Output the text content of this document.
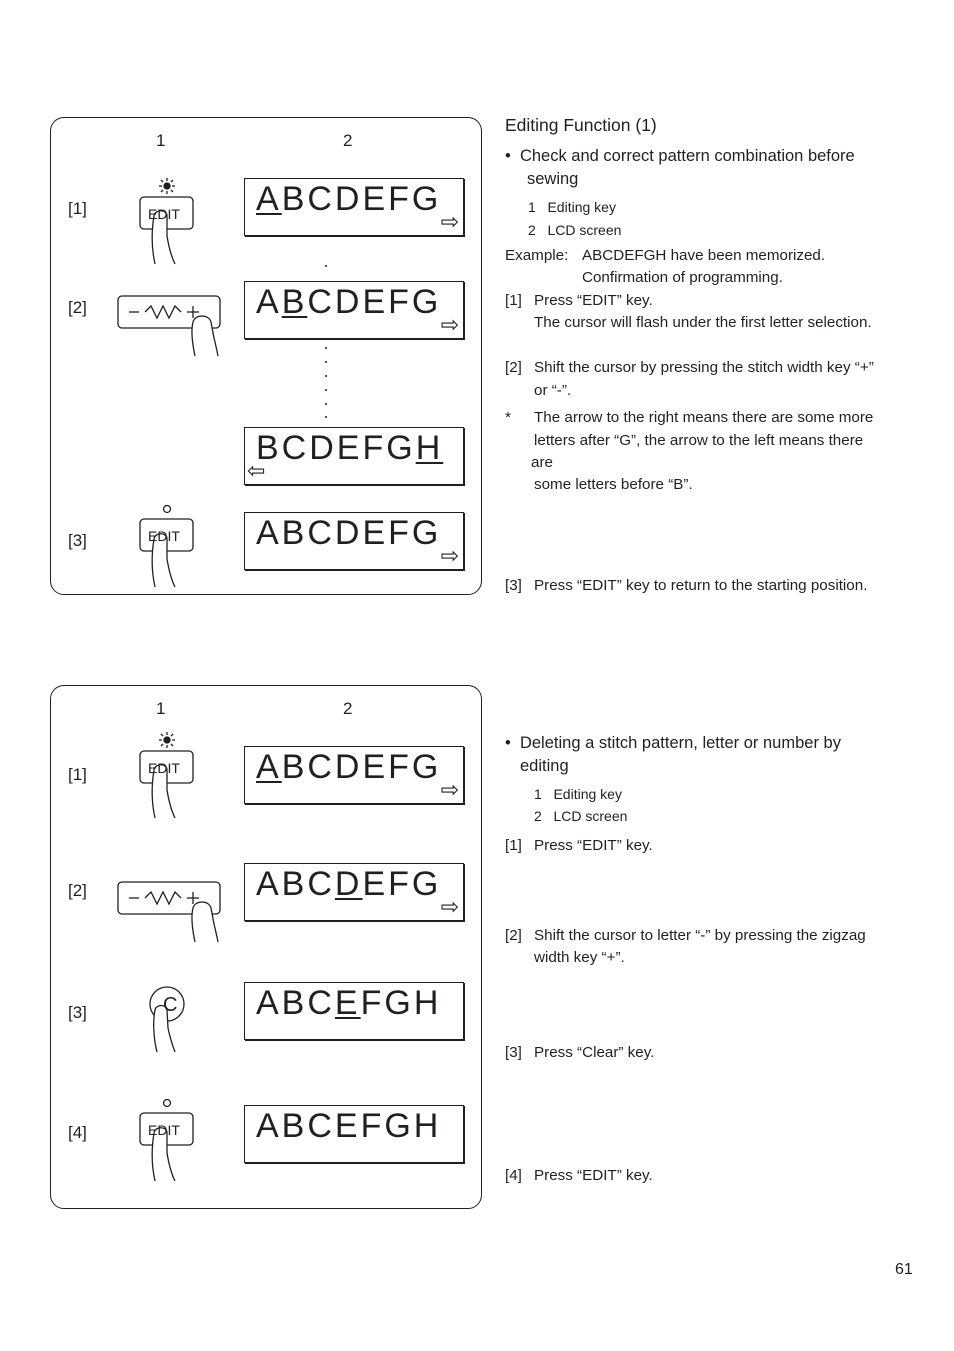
1	2
[1]
[2]
[3]
EDIT ABCDEFG
⇨
ABCDEFG
⇨
BCDEFGH
⇦
EDIT ABCDEFG
⇨
1	2
[1]
[2]
[3]
[4]
EDIT ABCDEFG
⇨
ABCDEFG
⇨
C ABCEFGH
EDIT ABCEFGH
Editing Function (1)
•  Check and correct pattern combination before
sewing
1 Editing key
2 LCD screen
Example: ABCDEFGH have been memorized.
Confirmation of programming.
[1] Press “EDIT” key.
The cursor will flash under the first letter selection.
[2] Shift the cursor by pressing the stitch width key “+”
or “-”.
* The arrow to the right means there are some more
letters after “G”, the arrow to the left means there
are
some letters before “B”.
[3] Press “EDIT” key to return to the starting position.
•  Deleting a stitch pattern, letter or number by
editing
1 Editing key
2 LCD screen
[1] Press “EDIT” key.
[2] Shift the cursor to letter “-” by pressing the zigzag
width key “+”.
[3] Press “Clear” key.
[4] Press “EDIT” key.
61
